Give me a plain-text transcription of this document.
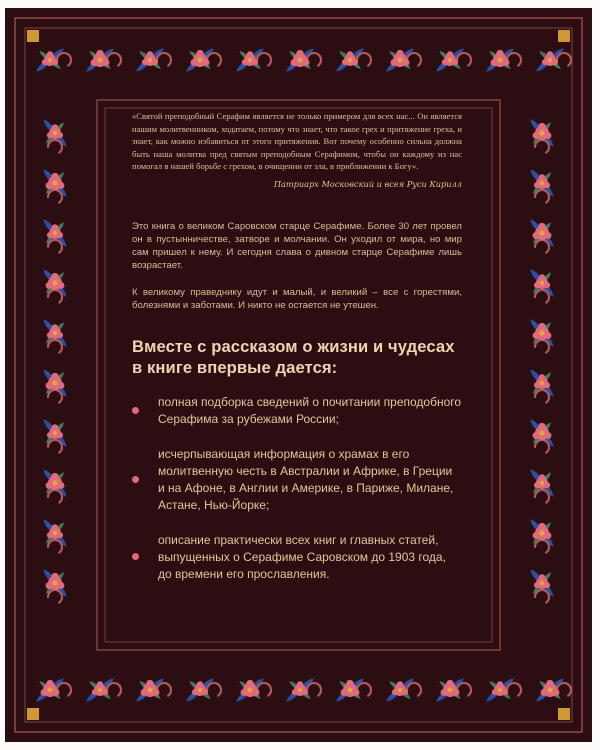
«Святой преподобный Серафим является не только примером для всех нас... Он является нашим молитвенником, ходатаем, потому что знает, что такое грех и притяжение греха, и знает, как можно избавиться от этого притяжения. Вот почему особенно сильна должна быть наша молитва пред святым преподобным Серафимом, чтобы он каждому из нас помогал в нашей борьбе с грехом, в очищении от зла, в приближении к Богу».

Патриарх Московский и всея Руси Кирилл

Это книга о великом Саровском старце Серафиме. Более 30 лет провел он в пустынничестве, затворе и молчании. Он уходил от мира, но мир сам пришел к нему. И сегодня слава о дивном старце Серафиме лишь возрастает.

К великому праведнику идут и малый, и великий – все с горестями, болезнями и заботами. И никто не остается не утешен.

Вместе с рассказом о жизни и чудесах в книге впервые дается:
полная подборка сведений о почитании преподобного Серафима за рубежами России;
исчерпывающая информация о храмах в его молитвенную честь в Австралии и Африке, в Греции и на Афоне, в Англии и Америке, в Париже, Милане, Астане, Нью-Йорке;
описание практически всех книг и главных статей, выпущенных о Серафиме Саровском до 1903 года, до времени его прославления.
